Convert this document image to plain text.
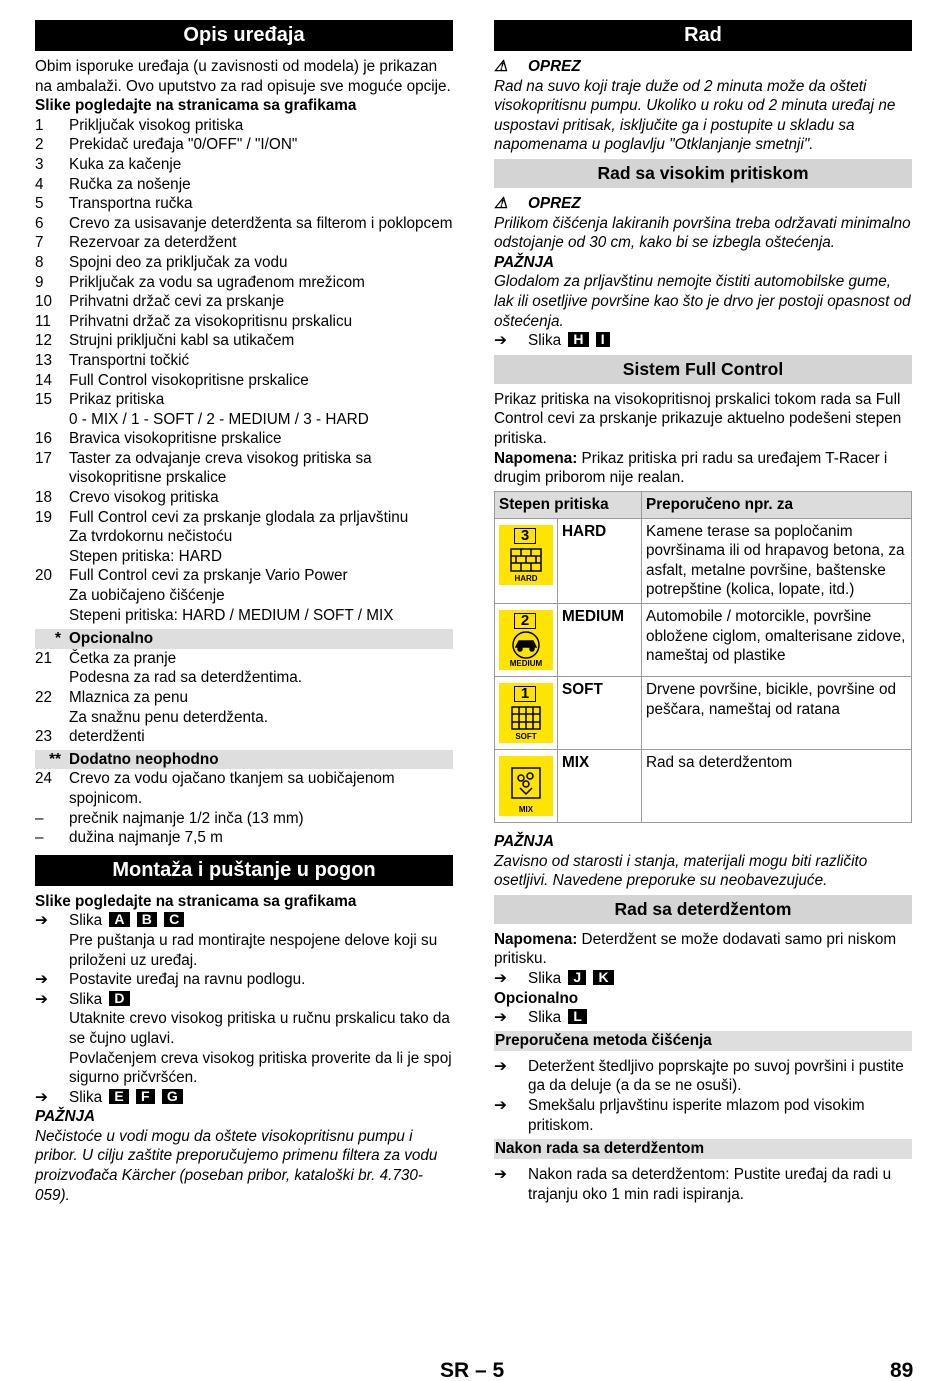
Opis uređaja
Obim isporuke uređaja (u zavisnosti od modela) je prikazan na ambalaži. Ovo uputstvo za rad opisuje sve moguće opcije.
Slike pogledajte na stranicama sa grafikama
1	Priključak visokog pritiska
2	Prekidač uređaja "0/OFF" / "I/ON"
3	Kuka za kačenje
4	Ručka za nošenje
5	Transportna ručka
6	Crevo za usisavanje deterdženta sa filterom i poklopcem
7	Rezervoar za deterdžent
8	Spojni deo za priključak za vodu
9	Priključak za vodu sa ugrađenom mrežicom
10	Prihvatni držač cevi za prskanje
11	Prihvatni držač za visokopritisnu prskalicu
12	Strujni priključni kabl sa utikačem
13	Transportni točkić
14	Full Control visokopritisne prskalice
15	Prikaz pritiska
0 - MIX / 1 - SOFT / 2 - MEDIUM / 3 - HARD
16	Bravica visokopritisne prskalice
17	Taster za odvajanje creva visokog pritiska sa visokopritisne prskalice
18	Crevo visokog pritiska
19	Full Control cevi za prskanje glodala za prljavštinu
Za tvrdokornu nečistoću
Stepen pritiska: HARD
20	Full Control cevi za prskanje Vario Power
Za uobičajeno čišćenje
Stepeni pritiska: HARD / MEDIUM / SOFT / MIX
* Opcionalno
21	Četka za pranje
Podesna za rad sa deterdžentima.
22	Mlaznica za penu
Za snažnu penu deterdženta.
23	deterdženti
** Dodatno neophodno
24	Crevo za vodu ojačano tkanjem sa uobičajenom spojnicom.
–	prečnik najmanje 1/2 inča (13 mm)
–	dužina najmanje 7,5 m
Montaža i puštanje u pogon
Slike pogledajte na stranicama sa grafikama
➔	Slika A B C
Pre puštanja u rad montirajte nespojene delove koji su priloženi uz uređaj.
➔	Postavite uređaj na ravnu podlogu.
➔	Slika D
Utaknite crevo visokog pritiska u ručnu prskalicu tako da se čujno uglavi.
Povlačenjem creva visokog pritiska proverite da li je spoj sigurno pričvršćen.
➔	Slika E F G
PAŽNJA
Nečistoće u vodi mogu da oštete visokopritisnu pumpu i pribor. U cilju zaštite preporučujemo primenu filtera za vodu proizvođača Kärcher (poseban pribor, kataloški br. 4.730-059).
Rad
⚠ OPREZ
Rad na suvo koji traje duže od 2 minuta može da ošteti visokopritisnu pumpu. Ukoliko u roku od 2 minuta uređaj ne uspostavi pritisak, isključite ga i postupite u skladu sa napomenama u poglavlju "Otklanjanje smetnji".
Rad sa visokim pritiskom
⚠ OPREZ
Prilikom čišćenja lakiranih površina treba održavati minimalno odstojanje od 30 cm, kako bi se izbegla oštećenja.
PAŽNJA
Glodalom za prljavštinu nemojte čistiti automobilske gume, lak ili osetljive površine kao što je drvo jer postoji opasnost od oštećenja.
➔	Slika H I
Sistem Full Control
Prikaz pritiska na visokopritisnoj prskalici tokom rada sa Full Control cevi za prskanje prikazuje aktuelno podešeni stepen pritiska.
Napomena: Prikaz pritiska pri radu sa uređajem T-Racer i drugim priborom nije realan.
Stepen pritiska		Preporučeno npr. za

3
HARD	HARD	Kamene terase sa popločanim površinama ili od hrapavog betona, za asfalt, metalne površine, baštenske potrepštine (kolica, lopate, itd.)

2
MEDIUM	MEDIUM	Automobile / motorcikle, površine obložene ciglom, omalterisane zidove, nameštaj od plastike

1
SOFT	SOFT	Drvene površine, bicikle, površine od peščara, nameštaj od ratana

MIX	MIX	Rad sa deterdžentom
PAŽNJA
Zavisno od starosti i stanja, materijali mogu biti različito osetljivi. Navedene preporuke su neobavezujuće.
Rad sa deterdžentom
Napomena: Deterdžent se može dodavati samo pri niskom pritisku.
➔	Slika J K
Opcionalno
➔	Slika L
Preporučena metoda čišćenja
➔	Deteržent štedljivo poprskajte po suvoj površini i pustite ga da deluje (a da se ne osuši).
➔	Smekšalu prljavštinu isperite mlazom pod visokim pritiskom.
Nakon rada sa deterdžentom
➔	Nakon rada sa deterdžentom: Pustite uređaj da radi u trajanju oko 1 min radi ispiranja.
SR – 5	89
